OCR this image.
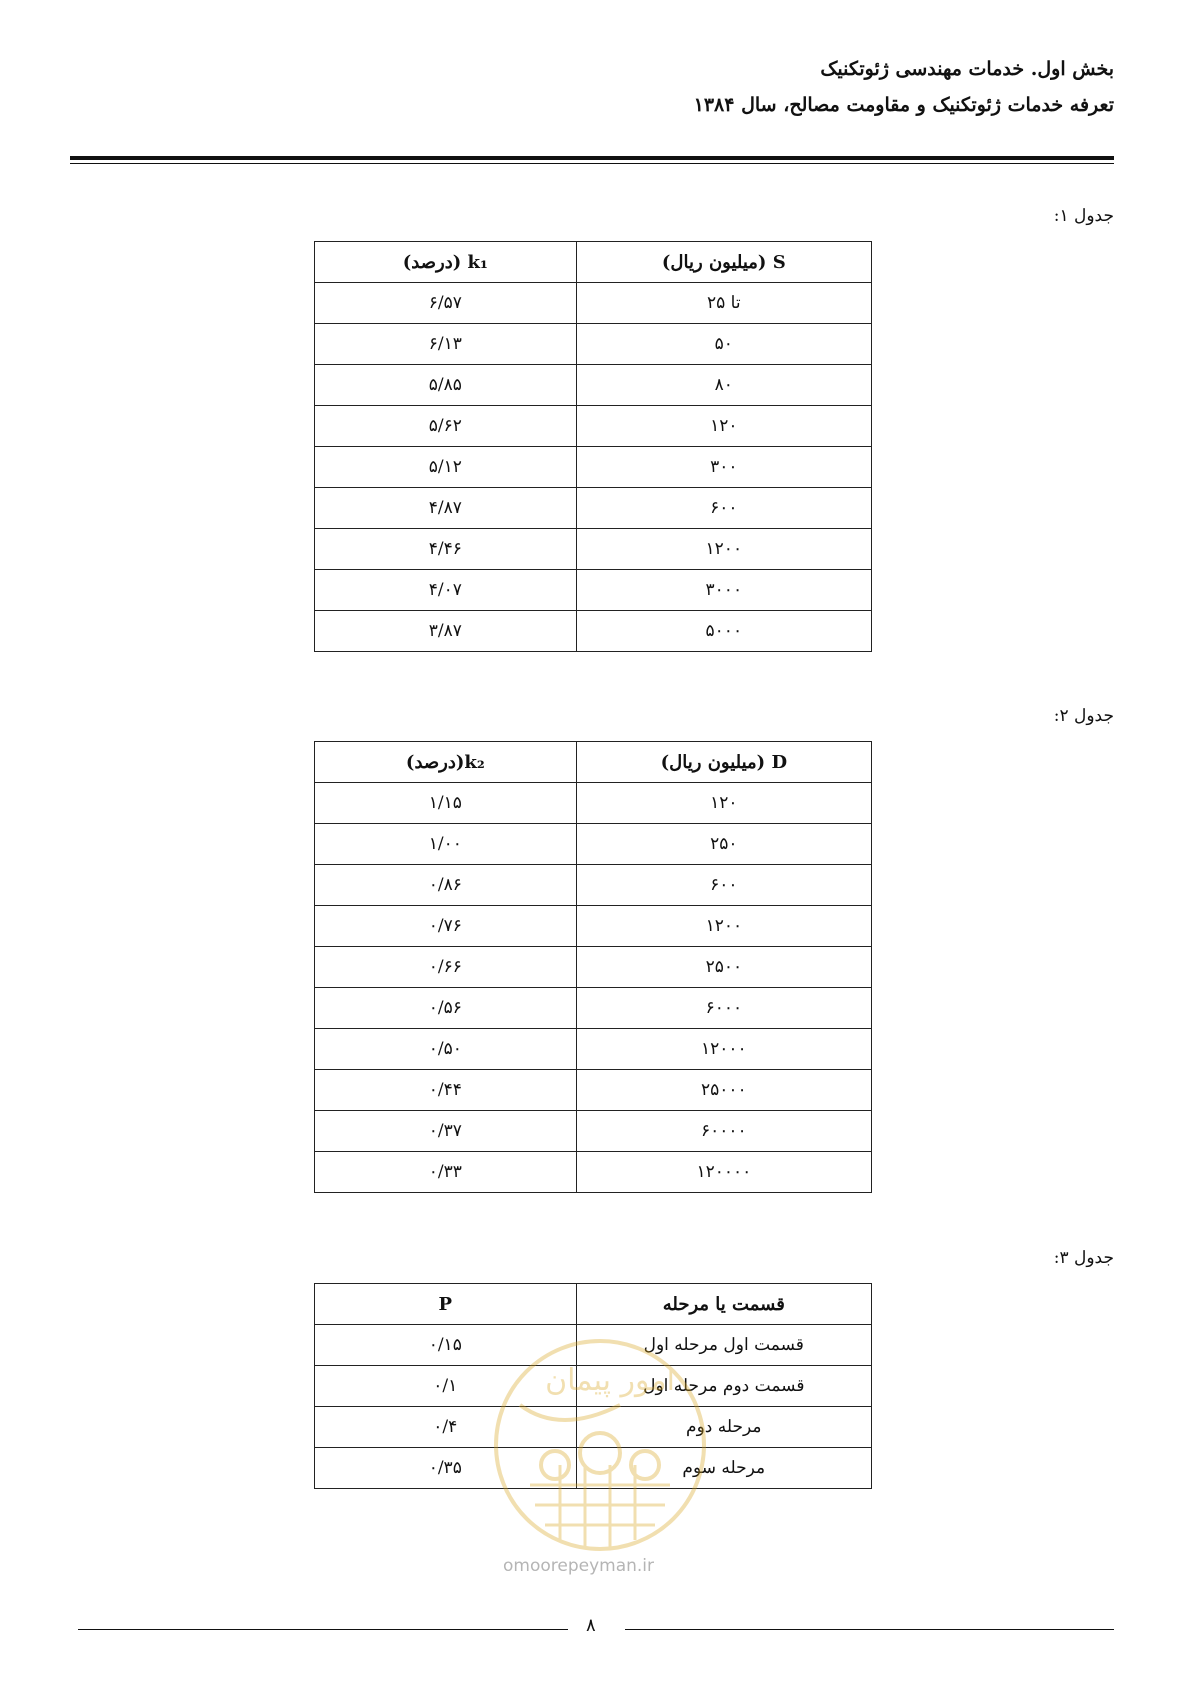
بخش اول. خدمات مهندسی ژئوتکنیک
تعرفه خدمات ژئوتکنیک و مقاومت مصالح، سال ۱۳۸۴
جدول ۱:
S (میلیون ریال)	k₁ (درصد)
تا ۲۵	۶/۵۷
۵۰	۶/۱۳
۸۰	۵/۸۵
۱۲۰	۵/۶۲
۳۰۰	۵/۱۲
۶۰۰	۴/۸۷
۱۲۰۰	۴/۴۶
۳۰۰۰	۴/۰۷
۵۰۰۰	۳/۸۷
جدول ۲:
D (میلیون ریال)	k₂(درصد)
۱۲۰	۱/۱۵
۲۵۰	۱/۰۰
۶۰۰	۰/۸۶
۱۲۰۰	۰/۷۶
۲۵۰۰	۰/۶۶
۶۰۰۰	۰/۵۶
۱۲۰۰۰	۰/۵۰
۲۵۰۰۰	۰/۴۴
۶۰۰۰۰	۰/۳۷
۱۲۰۰۰۰	۰/۳۳
جدول ۳:
قسمت یا مرحله	P
قسمت اول مرحله اول	۰/۱۵
قسمت دوم مرحله اول	۰/۱
مرحله دوم	۰/۴
مرحله سوم	۰/۳۵
امور پیمان
omoorepeyman.ir
۸
